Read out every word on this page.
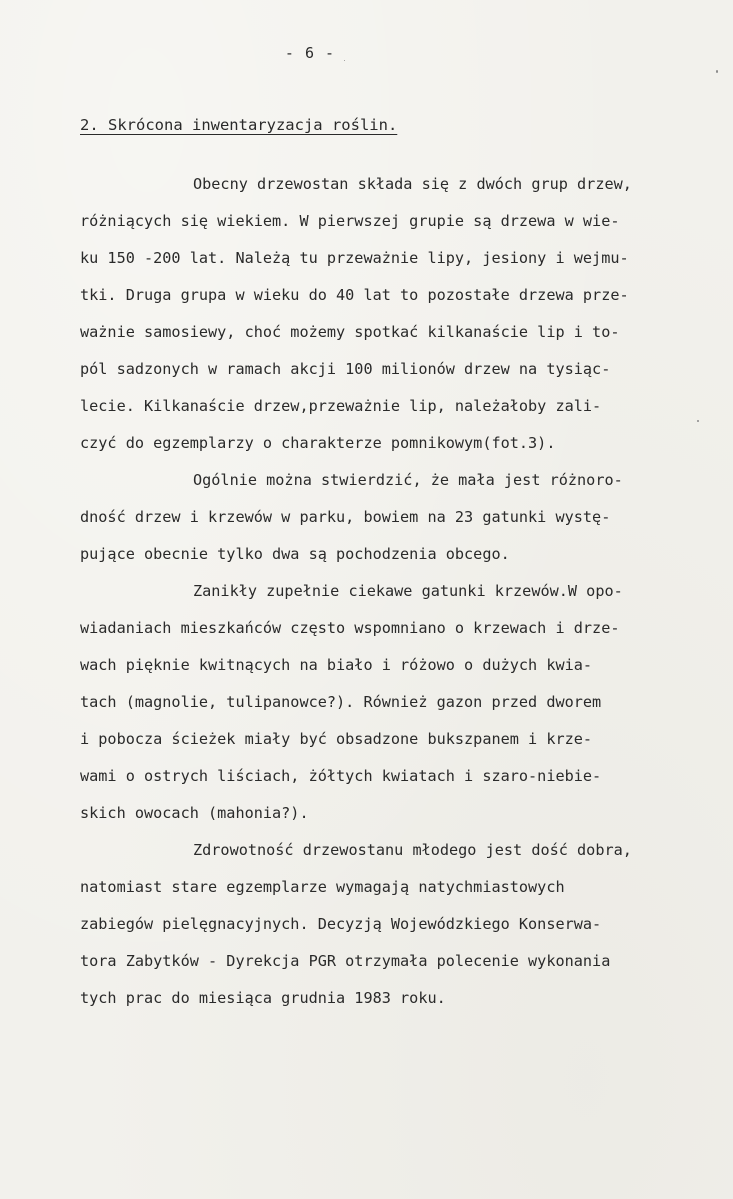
- 6 -
2. Skrócona inwentaryzacja roślin.
Obecny drzewostan składa się z dwóch grup drzew,
różniących się wiekiem. W pierwszej grupie są drzewa w wie-
ku 150 -200 lat. Należą tu przeważnie lipy, jesiony i wejmu-
tki. Druga grupa w wieku do 40 lat to pozostałe drzewa prze-
ważnie samosiewy, choć możemy spotkać kilkanaście lip i to-
pól sadzonych w ramach akcji 100 milionów drzew na tysiąc-
lecie. Kilkanaście drzew,przeważnie lip, należałoby zali-
czyć do egzemplarzy o charakterze pomnikowym(fot.3).
Ogólnie można stwierdzić, że mała jest różnoro-
dność drzew i krzewów w parku, bowiem na 23 gatunki wystę-
pujące obecnie tylko dwa są pochodzenia obcego.
Zanikły zupełnie ciekawe gatunki krzewów.W opo-
wiadaniach mieszkańców często wspomniano o krzewach i drze-
wach pięknie kwitnących na biało i różowo o dużych kwia-
tach (magnolie, tulipanowce?). Również gazon przed dworem
i pobocza ścieżek miały być obsadzone bukszpanem i krze-
wami o ostrych liściach, żółtych kwiatach i szaro-niebie-
skich owocach (mahonia?).
Zdrowotność drzewostanu młodego jest dość dobra,
natomiast stare egzemplarze wymagają natychmiastowych
zabiegów pielęgnacyjnych. Decyzją Wojewódzkiego Konserwa-
tora Zabytków - Dyrekcja PGR otrzymała polecenie wykonania
tych prac do miesiąca grudnia 1983 roku.
